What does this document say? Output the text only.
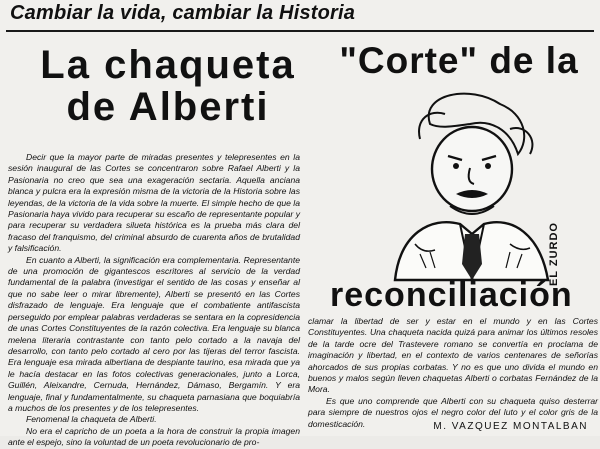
Cambiar la vida, cambiar la Historia
La chaqueta
de Alberti
"Corte" de la
EL ZURDO
reconciliación

Decir que la mayor parte de miradas presentes y telepresentes en la sesión inaugural de las Cortes se concentraron sobre Rafael Alberti y la Pasionaria no creo que sea una exageración sectaria. Aquella anciana blanca y pulcra era la expresión misma de la victoria de la Historia sobre las leyendas, de la victoria de la vida sobre la muerte. El simple hecho de que la Pasionaria haya vivido para recuperar su escaño de representante popular y para recuperar su verdadera silueta histórica es la prueba más clara del fracaso del franquismo, del criminal absurdo de cuarenta años de brutalidad y falsificación.

En cuanto a Alberti, la significación era complementaria. Representante de una promoción de gigantescos escritores al servicio de la verdad fundamental de la palabra (investigar el sentido de las cosas y enseñar al que no sabe leer o mirar libremente), Alberti se presentó en las Cortes disfrazado de lenguaje. Era lenguaje que el combatiente antifascista perseguido por emplear palabras verdaderas se sentara en la copresidencia de unas Cortes Constituyentes de la razón colectiva. Era lenguaje su blanca melena literaria contrastante con tanto pelo cortado a la navaja del desarrollo, con tanto pelo cortado al cero por las tijeras del terror fascista. Era lenguaje esa mirada albertiana de despiante taurino, esa mirada que ya le hacía destacar en las fotos colectivas generacionales, junto a Lorca, Guillén, Aleixandre, Cernuda, Hernández, Dámaso, Bergamín. Y era lenguaje, final y fundamentalmente, su chaqueta parnasiana que boquiabría a muchos de los presentes y de los telepresentes.

Fenomenal la chaqueta de Alberti.

No era el capricho de un poeta a la hora de construir la propia imagen ante el espejo, sino la voluntad de un poeta revolucionario de pro-

clamar la libertad de ser y estar en el mundo y en las Cortes Constituyentes. Una chaqueta nacida quizá para animar los últimos resoles de la tarde ocre del Trastevere romano se convertía en proclama de imaginación y libertad, en el contexto de varios centenares de señorías ahorcados de sus propias corbatas. Y no es que uno divida el mundo en buenos y malos según lleven chaquetas Alberti o corbatas Fernández de la Mora.

Es que uno comprende que Alberti con su chaqueta quiso desterrar para siempre de nuestros ojos el negro color del luto y el color gris de la domesticación.	M. VAZQUEZ MONTALBAN
